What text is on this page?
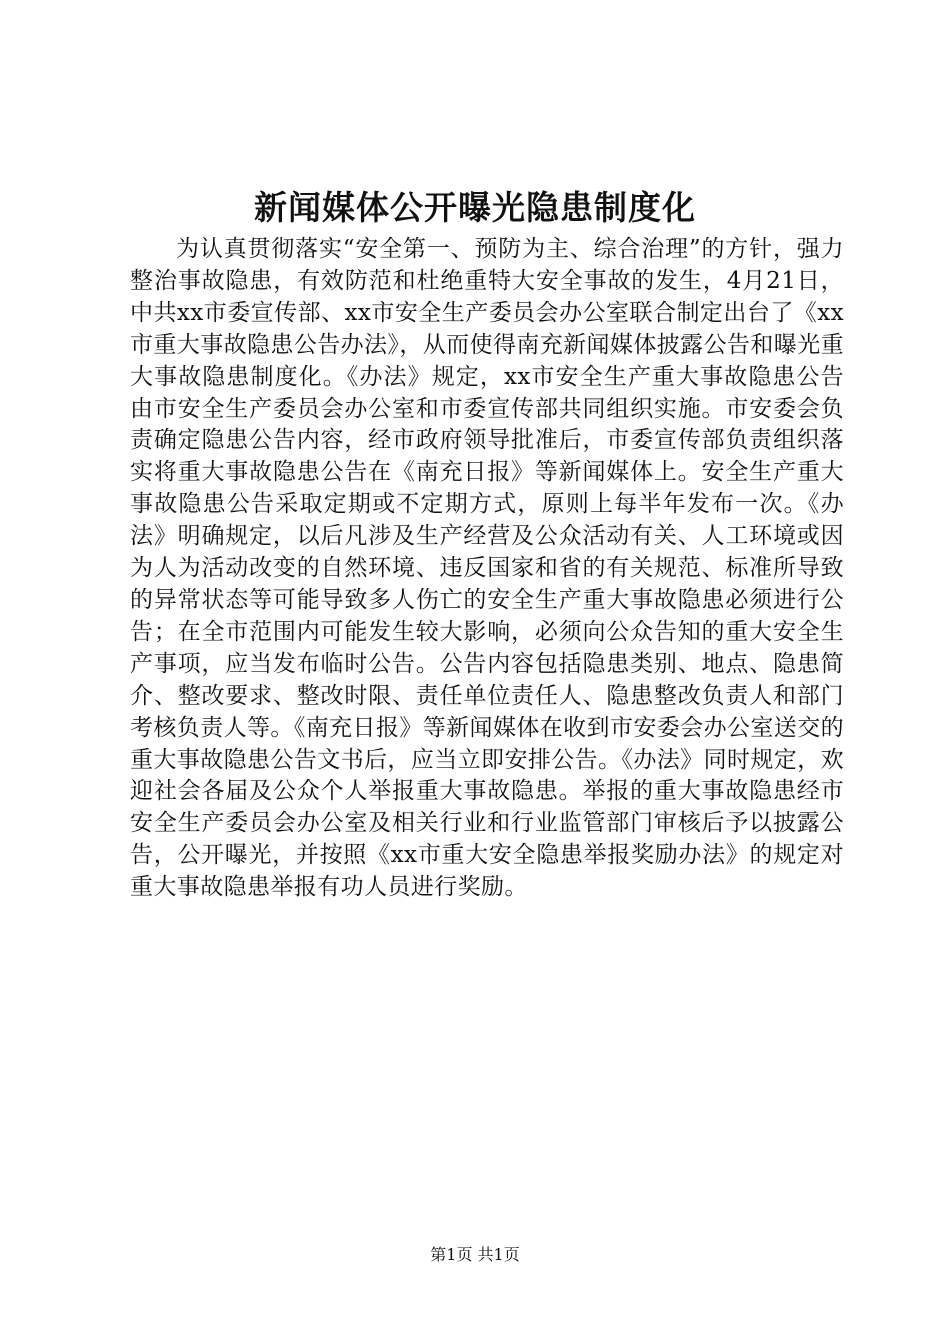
新闻媒体公开曝光隐患制度化

为认真贯彻落实“安全第一、预防为主、综合治理”的方针，强力整治事故隐患，有效防范和杜绝重特大安全事故的发生，4月21日，中共xx市委宣传部、xx市安全生产委员会办公室联合制定出台了《xx市重大事故隐患公告办法》，从而使得南充新闻媒体披露公告和曝光重大事故隐患制度化。《办法》规定，xx市安全生产重大事故隐患公告由市安全生产委员会办公室和市委宣传部共同组织实施。市安委会负责确定隐患公告内容，经市政府领导批准后，市委宣传部负责组织落实将重大事故隐患公告在《南充日报》等新闻媒体上。安全生产重大事故隐患公告采取定期或不定期方式，原则上每半年发布一次。《办法》明确规定，以后凡涉及生产经营及公众活动有关、人工环境或因为人为活动改变的自然环境、违反国家和省的有关规范、标准所导致的异常状态等可能导致多人伤亡的安全生产重大事故隐患必须进行公告；在全市范围内可能发生较大影响，必须向公众告知的重大安全生产事项，应当发布临时公告。公告内容包括隐患类别、地点、隐患简介、整改要求、整改时限、责任单位责任人、隐患整改负责人和部门考核负责人等。《南充日报》等新闻媒体在收到市安委会办公室送交的重大事故隐患公告文书后，应当立即安排公告。《办法》同时规定，欢迎社会各届及公众个人举报重大事故隐患。举报的重大事故隐患经市安全生产委员会办公室及相关行业和行业监管部门审核后予以披露公告，公开曝光，并按照《xx市重大安全隐患举报奖励办法》的规定对重大事故隐患举报有功人员进行奖励。

第1页 共1页
